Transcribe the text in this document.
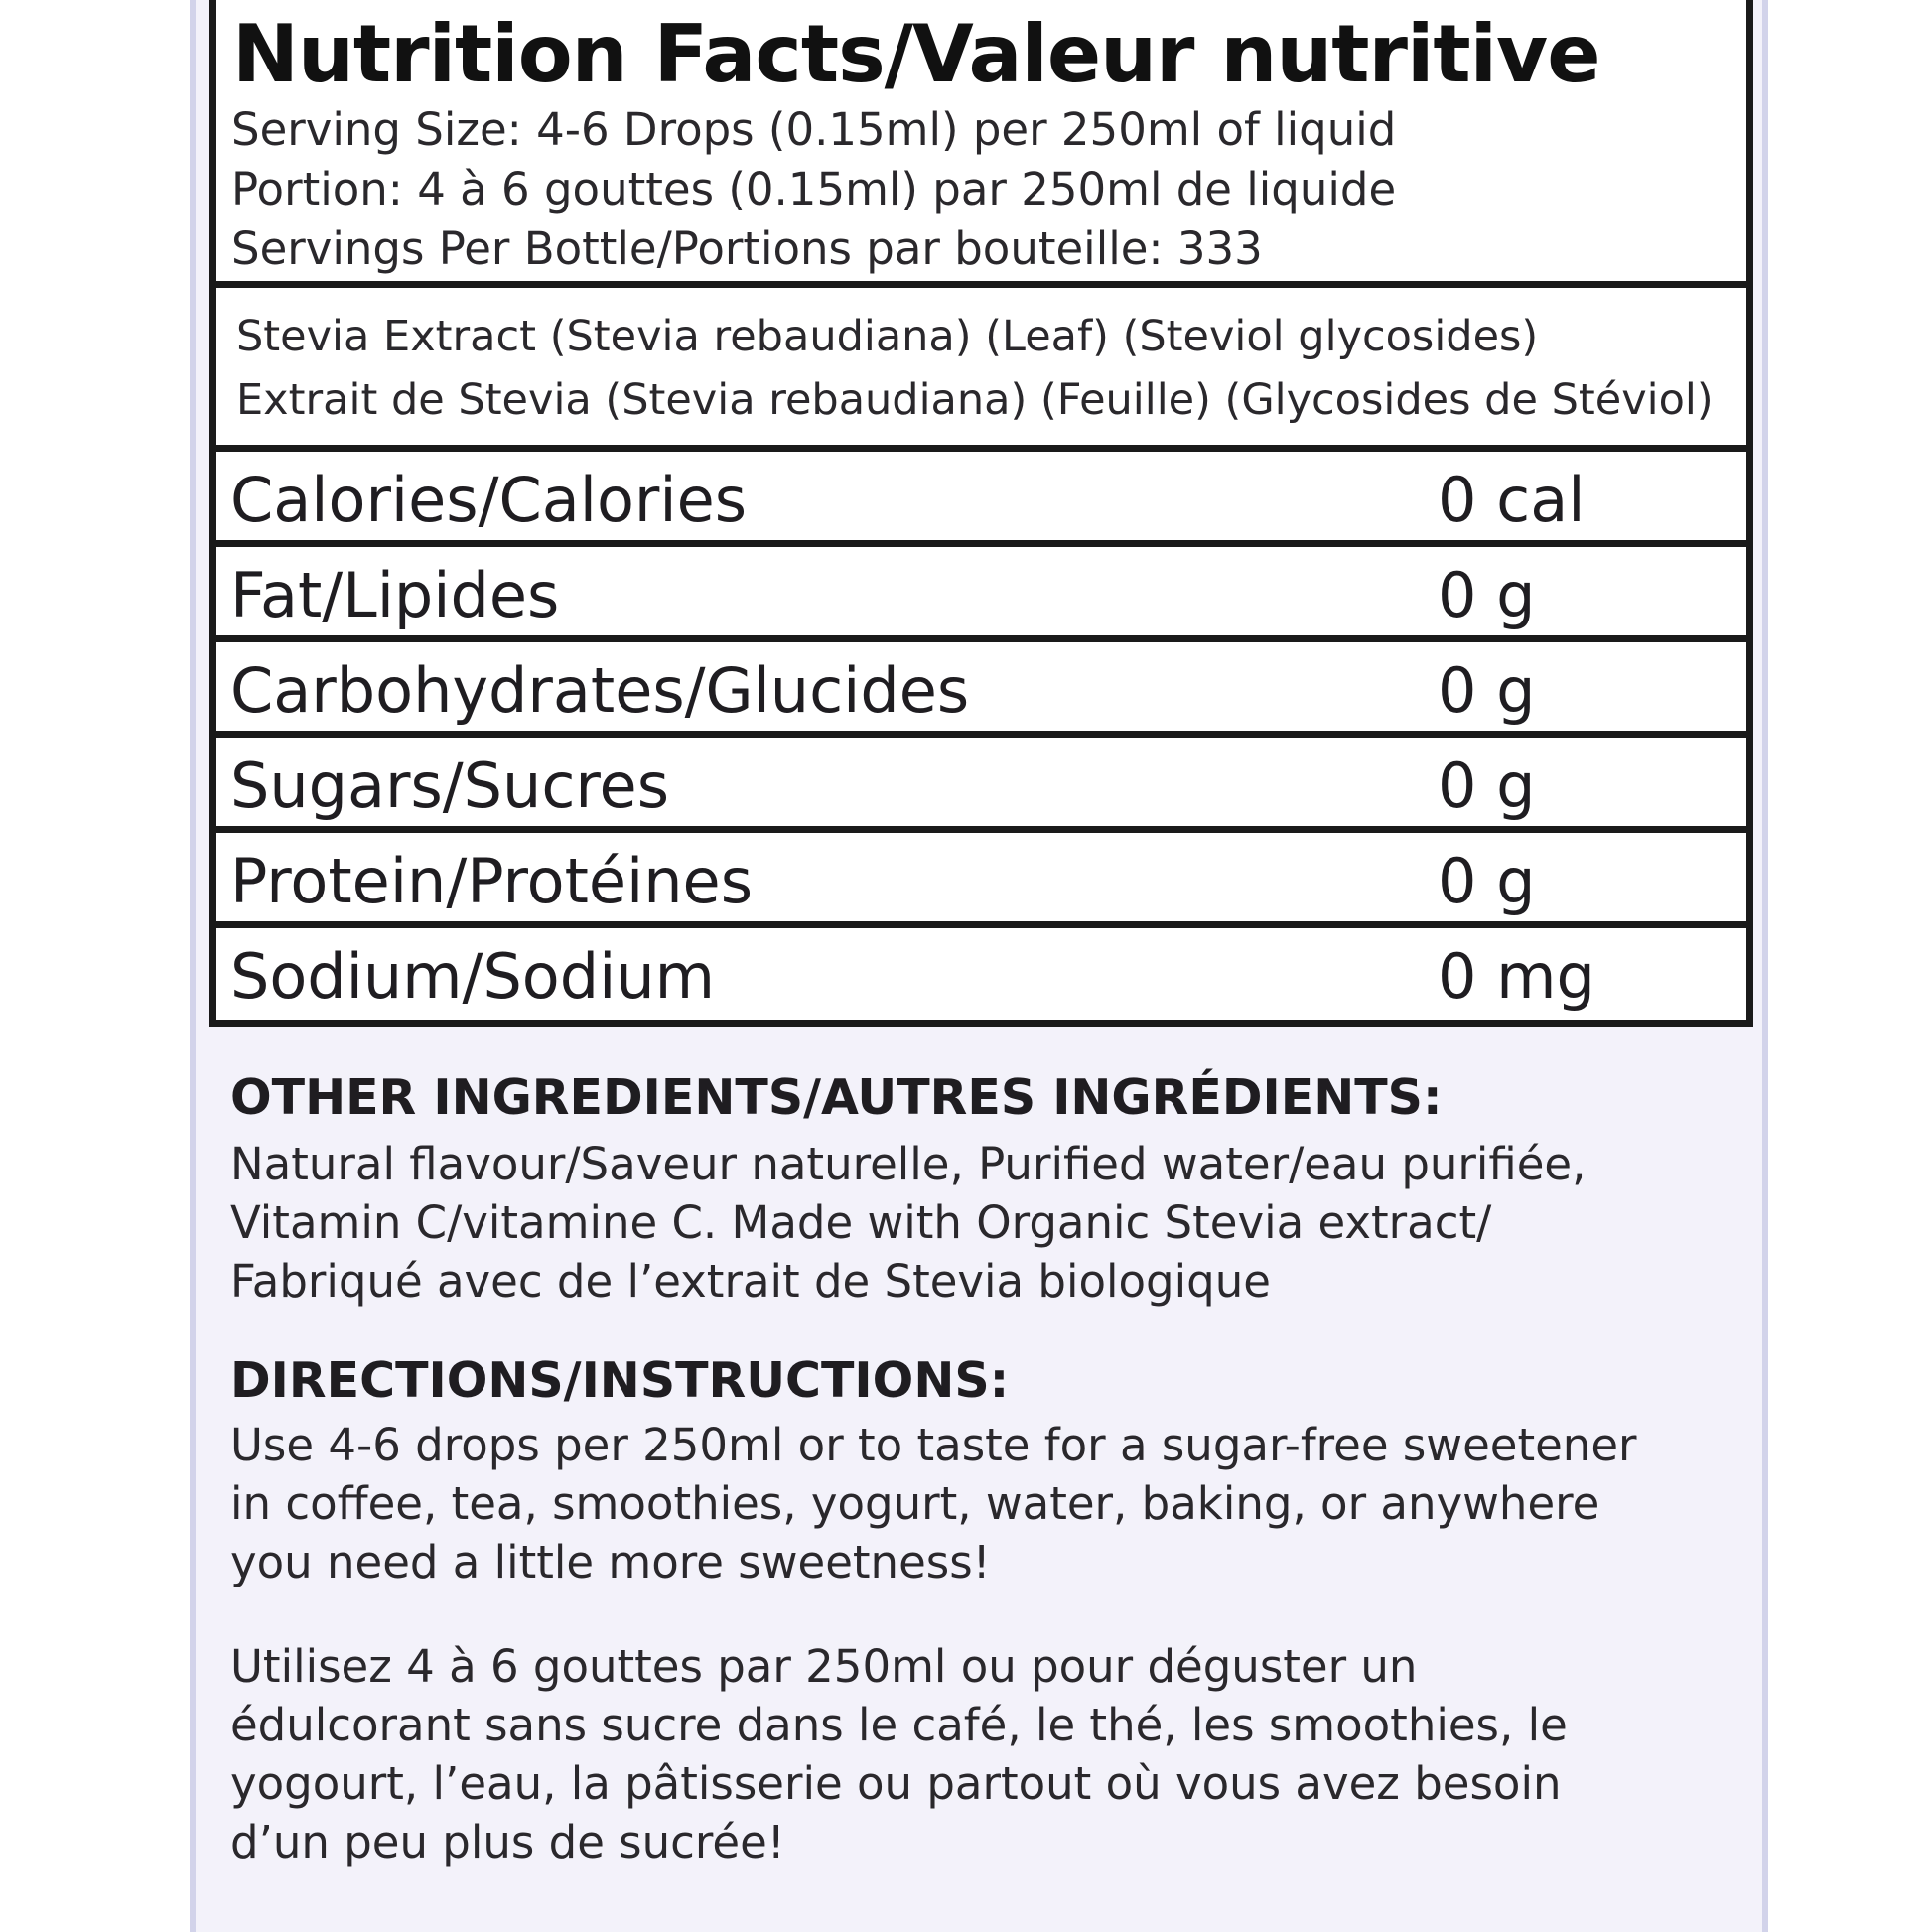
Nutrition Facts/Valeur nutritive
Serving Size: 4-6 Drops (0.15ml) per 250ml of liquid
Portion: 4 à 6 gouttes (0.15ml) par 250ml de liquide
Servings Per Bottle/Portions par bouteille: 333
Stevia Extract (Stevia rebaudiana) (Leaf) (Steviol glycosides)
Extrait de Stevia (Stevia rebaudiana) (Feuille) (Glycosides de Stéviol)
Calories/Calories	0 cal
Fat/Lipides	0 g
Carbohydrates/Glucides	0 g
Sugars/Sucres	0 g
Protein/Protéines	0 g
Sodium/Sodium	0 mg
OTHER INGREDIENTS/AUTRES INGRÉDIENTS:
Natural flavour/Saveur naturelle, Purified water/eau purifiée,
Vitamin C/vitamine C. Made with Organic Stevia extract/
Fabriqué avec de l’extrait de Stevia biologique
DIRECTIONS/INSTRUCTIONS:
Use 4-6 drops per 250ml or to taste for a sugar-free sweetener
in coffee, tea, smoothies, yogurt, water, baking, or anywhere
you need a little more sweetness!
Utilisez 4 à 6 gouttes par 250ml ou pour déguster un
édulcorant sans sucre dans le café, le thé, les smoothies, le
yogourt, l’eau, la pâtisserie ou partout où vous avez besoin
d’un peu plus de sucrée!
